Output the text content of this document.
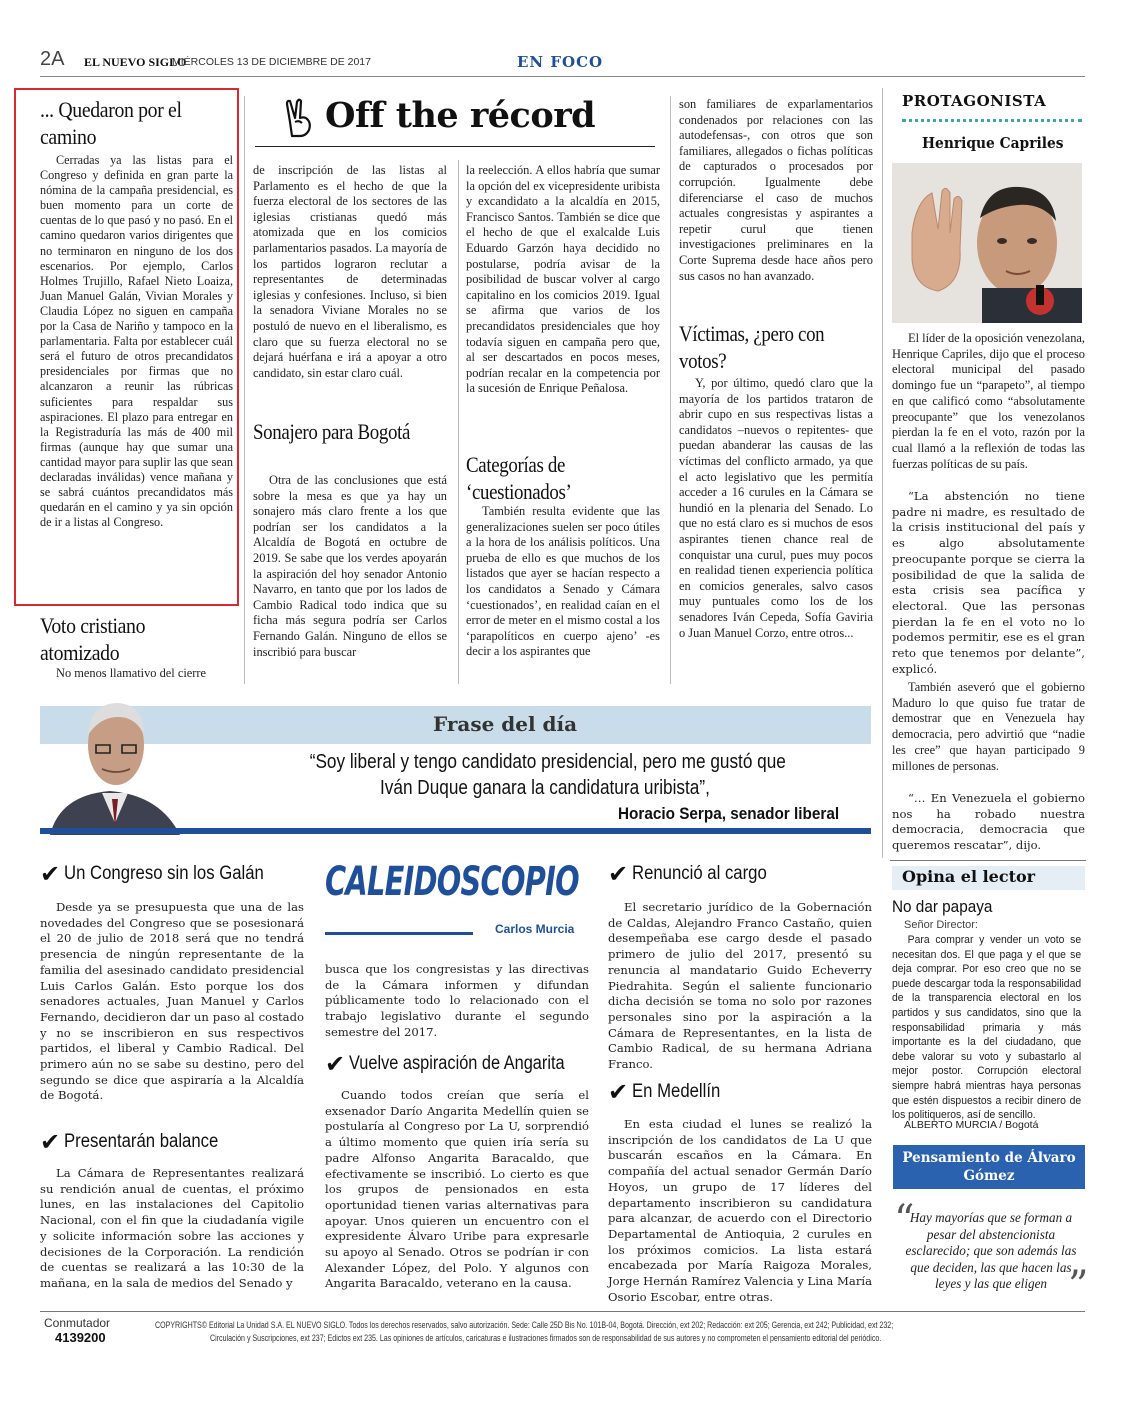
2A EL NUEVO SIGLO
MIÉRCOLES 13 DE DICIEMBRE DE 2017	EN FOCO
... Quedaron por el camino

Cerradas ya las listas para el Congreso y definida en gran parte la nómina de la campaña presidencial, es buen momento para un corte de cuentas de lo que pasó y no pasó. En el camino quedaron varios dirigentes que no terminaron en ninguno de los dos escenarios. Por ejemplo, Carlos Holmes Trujillo, Rafael Nieto Loaiza, Juan Manuel Galán, Vivian Morales y Claudia López no siguen en campaña por la Casa de Nariño y tampoco en la parlamentaria. Falta por establecer cuál será el futuro de otros precandidatos presidenciales por firmas que no alcanzaron a reunir las rúbricas suficientes para respaldar sus aspiraciones. El plazo para entregar en la Registraduría las más de 400 mil firmas (aunque hay que sumar una cantidad mayor para suplir las que sean declaradas inválidas) vence mañana y se sabrá cuántos precandidatos más quedarán en el camino y ya sin opción de ir a listas al Congreso.

Voto cristiano atomizado

No menos llamativo del cierre

Off the récord

de inscripción de las listas al Parlamento es el hecho de que la fuerza electoral de los sectores de las iglesias cristianas quedó más atomizada que en los comicios parlamentarios pasados. La mayoría de los partidos lograron reclutar a representantes de determinadas iglesias y confesiones. Incluso, si bien la senadora Viviane Morales no se postuló de nuevo en el liberalismo, es claro que su fuerza electoral no se dejará huérfana e irá a apoyar a otro candidato, sin estar claro cuál.

Sonajero para Bogotá

Otra de las conclusiones que está sobre la mesa es que ya hay un sonajero más claro frente a los que podrían ser los candidatos a la Alcaldía de Bogotá en octubre de 2019. Se sabe que los verdes apoyarán la aspiración del hoy senador Antonio Navarro, en tanto que por los lados de Cambio Radical todo indica que su ficha más segura podría ser Carlos Fernando Galán. Ninguno de ellos se inscribió para buscar

la reelección. A ellos habría que sumar la opción del ex vicepresidente uribista y excandidato a la alcaldía en 2015, Francisco Santos. También se dice que el hecho de que el exalcalde Luis Eduardo Garzón haya decidido no postularse, podría avisar de la posibilidad de buscar volver al cargo capitalino en los comicios 2019. Igual se afirma que varios de los precandidatos presidenciales que hoy todavía siguen en campaña pero que, al ser descartados en pocos meses, podrían recalar en la competencia por la sucesión de Enrique Peñalosa.

Categorías de ‘cuestionados’

También resulta evidente que las generalizaciones suelen ser poco útiles a la hora de los análisis políticos. Una prueba de ello es que muchos de los listados que ayer se hacían respecto a los candidatos a Senado y Cámara ‘cuestionados’, en realidad caían en el error de meter en el mismo costal a los ‘parapolíticos en cuerpo ajeno’ -es decir a los aspirantes que

son familiares de exparlamentarios condenados por relaciones con las autodefensas-, con otros que son familiares, allegados o fichas políticas de capturados o procesados por corrupción. Igualmente debe diferenciarse el caso de muchos actuales congresistas y aspirantes a repetir curul que tienen investigaciones preliminares en la Corte Suprema desde hace años pero sus casos no han avanzado.

Víctimas, ¿pero con votos?

Y, por último, quedó claro que la mayoría de los partidos trataron de abrir cupo en sus respectivas listas a candidatos –nuevos o repitentes- que puedan abanderar las causas de las víctimas del conflicto armado, ya que el acto legislativo que les permitía acceder a 16 curules en la Cámara se hundió en la plenaria del Senado. Lo que no está claro es si muchos de esos aspirantes tienen chance real de conquistar una curul, pues muy pocos en realidad tienen experiencia política en comicios generales, salvo casos muy puntuales como los de los senadores Iván Cepeda, Sofía Gaviria o Juan Manuel Corzo, entre otros...

PROTAGONISTA
Henrique Capriles

El líder de la oposición venezolana, Henrique Capriles, dijo que el proceso electoral municipal del pasado domingo fue un “parapeto”, al tiempo en que calificó como “absolutamente preocupante” que los venezolanos pierdan la fe en el voto, razón por la cual llamó a la reflexión de todas las fuerzas políticas de su país.

“La abstención no tiene padre ni madre, es resultado de la crisis institucional del país y es algo absolutamente preocupante porque se cierra la posibilidad de que la salida de esta crisis sea pacífica y electoral. Que las personas pierdan la fe en el voto no lo podemos permitir, ese es el gran reto que tenemos por delante”, explicó.

También aseveró que el gobierno Maduro lo que quiso fue tratar de demostrar que en Venezuela hay democracia, pero advirtió que “nadie les cree” que hayan participado 9 millones de personas.

“… En Venezuela el gobierno nos ha robado nuestra democracia, democracia que queremos rescatar”, dijo.

Frase del día
“Soy liberal y tengo candidato presidencial, pero me gustó que
Iván Duque ganara la candidatura uribista”,
Horacio Serpa, senador liberal
✔ Un Congreso sin los Galán

Desde ya se presupuesta que una de las novedades del Congreso que se posesionará el 20 de julio de 2018 será que no tendrá presencia de ningún representante de la familia del asesinado candidato presidencial Luis Carlos Galán. Esto porque los dos senadores actuales, Juan Manuel y Carlos Fernando, decidieron dar un paso al costado y no se inscribieron en sus respectivos partidos, el liberal y Cambio Radical. Del primero aún no se sabe su destino, pero del segundo se dice que aspiraría a la Alcaldía de Bogotá.

✔ Presentarán balance

La Cámara de Representantes realizará su rendición anual de cuentas, el próximo lunes, en las instalaciones del Capitolio Nacional, con el fin que la ciudadanía vigile y solicite información sobre las acciones y decisiones de la Corporación. La rendición de cuentas se realizará a las 10:30 de la mañana, en la sala de medios del Senado y

CALEIDOSCOPIO
Carlos Murcia

busca que los congresistas y las directivas de la Cámara informen y difundan públicamente todo lo relacionado con el trabajo legislativo durante el segundo semestre del 2017.

✔ Vuelve aspiración de Angarita

Cuando todos creían que sería el exsenador Darío Angarita Medellín quien se postularía al Congreso por La U, sorprendió a último momento que quien iría sería su padre Alfonso Angarita Baracaldo, que efectivamente se inscribió. Lo cierto es que los grupos de pensionados en esta oportunidad tienen varias alternativas para apoyar. Unos quieren un encuentro con el expresidente Álvaro Uribe para expresarle su apoyo al Senado. Otros se podrían ir con Alexander López, del Polo. Y algunos con Angarita Baracaldo, veterano en la causa.

✔ Renunció al cargo

El secretario jurídico de la Gobernación de Caldas, Alejandro Franco Castaño, quien desempeñaba ese cargo desde el pasado primero de julio del 2017, presentó su renuncia al mandatario Guido Echeverry Piedrahita. Según el saliente funcionario dicha decisión se toma no solo por razones personales sino por la aspiración a la Cámara de Representantes, en la lista de Cambio Radical, de su hermana Adriana Franco.

✔ En Medellín

En esta ciudad el lunes se realizó la inscripción de los candidatos de La U que buscarán escaños en la Cámara. En compañía del actual senador Germán Darío Hoyos, un grupo de 17 líderes del departamento inscribieron su candidatura para alcanzar, de acuerdo con el Directorio Departamental de Antioquia, 2 curules en los próximos comicios. La lista estará encabezada por María Raigoza Morales, Jorge Hernán Ramírez Valencia y Lina María Osorio Escobar, entre otras.

Opina el lector
No dar papaya
Señor Director:

Para comprar y vender un voto se necesitan dos. El que paga y el que se deja comprar. Por eso creo que no se puede descargar toda la responsabilidad de la transparencia electoral en los partidos y sus candidatos, sino que la responsabilidad primaria y más importante es la del ciudadano, que debe valorar su voto y subastarlo al mejor postor. Corrupción electoral siempre habrá mientras haya personas que estén dispuestos a recibir dinero de los politiqueros, así de sencillo.

ALBERTO MURCIA / Bogotá
Pensamiento de Álvaro Gómez
“

Hay mayorías que se forman a pesar del abstencionista esclarecido; que son además las que deciden, las que hacen las leyes y las que eligen ”
Conmutador
4139200
COPYRIGHTS© Editorial La Unidad S.A. EL NUEVO SIGLO. Todos los derechos reservados, salvo autorización. Sede: Calle 25D Bis No. 101B-04, Bogotá. Dirección, ext 202; Redacción: ext 205; Gerencia, ext 242; Publicidad, ext 232;
Circulación y Suscripciones, ext 237; Edictos ext 235. Las opiniones de artículos, caricaturas e ilustraciones firmados son de responsabilidad de sus autores y no comprometen el pensamiento editorial del periódico.
